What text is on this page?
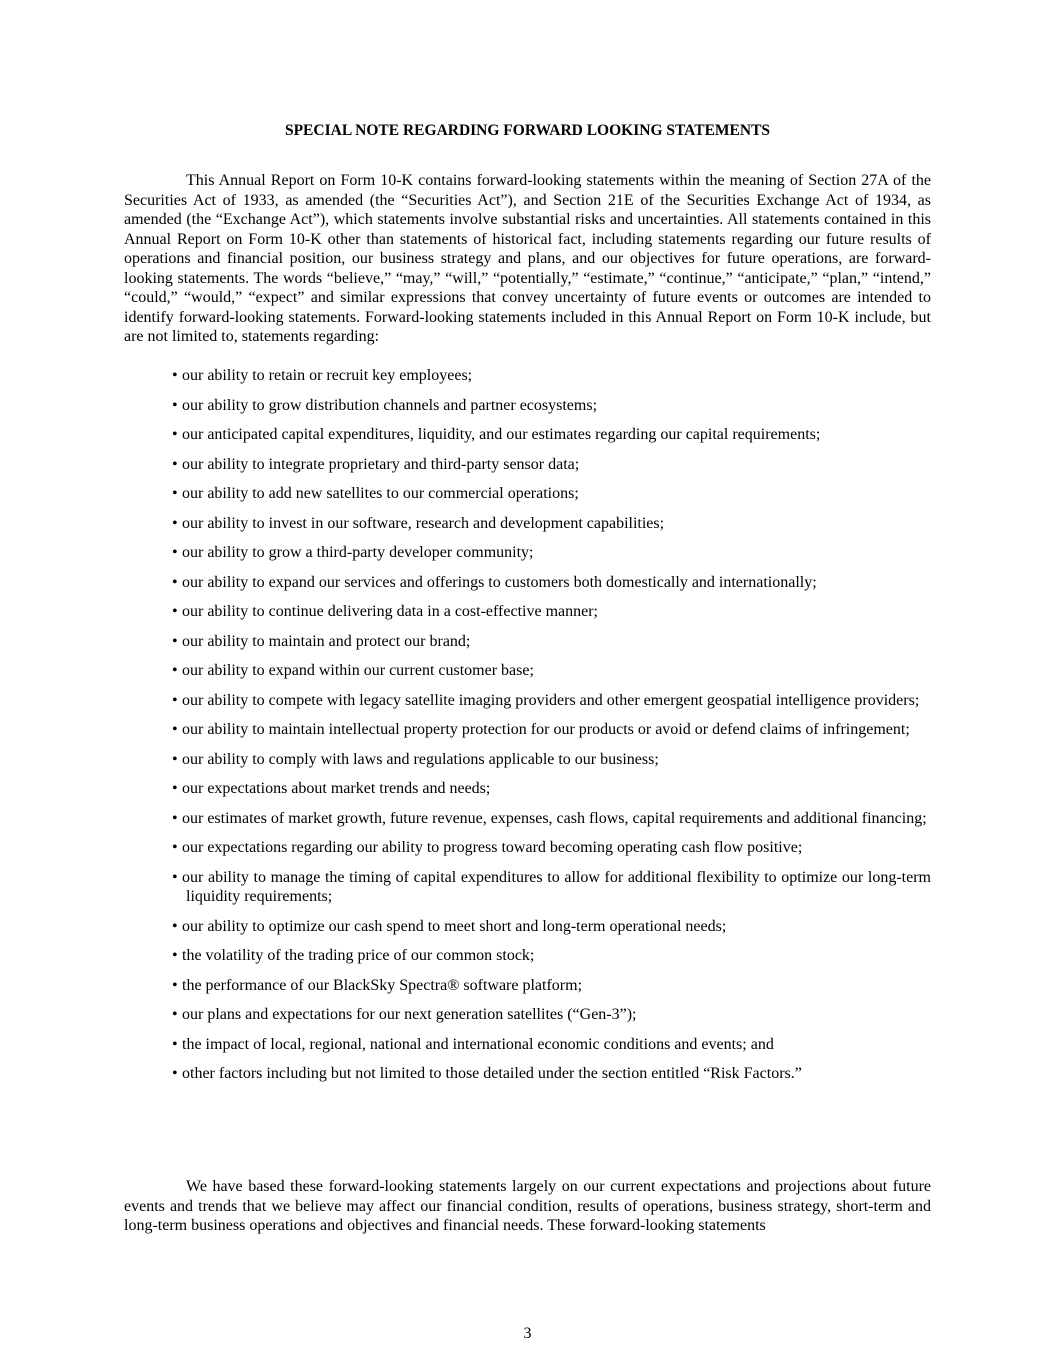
SPECIAL NOTE REGARDING FORWARD LOOKING STATEMENTS

This Annual Report on Form 10-K contains forward-looking statements within the meaning of Section 27A of the Securities Act of 1933, as amended (the “Securities Act”), and Section 21E of the Securities Exchange Act of 1934, as amended (the “Exchange Act”), which statements involve substantial risks and uncertainties. All statements contained in this Annual Report on Form 10-K other than statements of historical fact, including statements regarding our future results of operations and financial position, our business strategy and plans, and our objectives for future operations, are forward-looking statements. The words “believe,” “may,” “will,” “potentially,” “estimate,” “continue,” “anticipate,” “plan,” “intend,” “could,” “would,” “expect” and similar expressions that convey uncertainty of future events or outcomes are intended to identify forward-looking statements. Forward-looking statements included in this Annual Report on Form 10-K include, but are not limited to, statements regarding:

• our ability to retain or recruit key employees;
• our ability to grow distribution channels and partner ecosystems;
• our anticipated capital expenditures, liquidity, and our estimates regarding our capital requirements;
• our ability to integrate proprietary and third-party sensor data;
• our ability to add new satellites to our commercial operations;
• our ability to invest in our software, research and development capabilities;
• our ability to grow a third-party developer community;
• our ability to expand our services and offerings to customers both domestically and internationally;
• our ability to continue delivering data in a cost-effective manner;
• our ability to maintain and protect our brand;
• our ability to expand within our current customer base;
• our ability to compete with legacy satellite imaging providers and other emergent geospatial intelligence providers;
• our ability to maintain intellectual property protection for our products or avoid or defend claims of infringement;
• our ability to comply with laws and regulations applicable to our business;
• our expectations about market trends and needs;
• our estimates of market growth, future revenue, expenses, cash flows, capital requirements and additional financing;
• our expectations regarding our ability to progress toward becoming operating cash flow positive;
• our ability to manage the timing of capital expenditures to allow for additional flexibility to optimize our long-term liquidity requirements;
• our ability to optimize our cash spend to meet short and long-term operational needs;
• the volatility of the trading price of our common stock;
• the performance of our BlackSky Spectra® software platform;
• our plans and expectations for our next generation satellites (“Gen-3”);
• the impact of local, regional, national and international economic conditions and events; and
• other factors including but not limited to those detailed under the section entitled “Risk Factors.”

We have based these forward-looking statements largely on our current expectations and projections about future events and trends that we believe may affect our financial condition, results of operations, business strategy, short-term and long-term business operations and objectives and financial needs. These forward-looking statements

3
